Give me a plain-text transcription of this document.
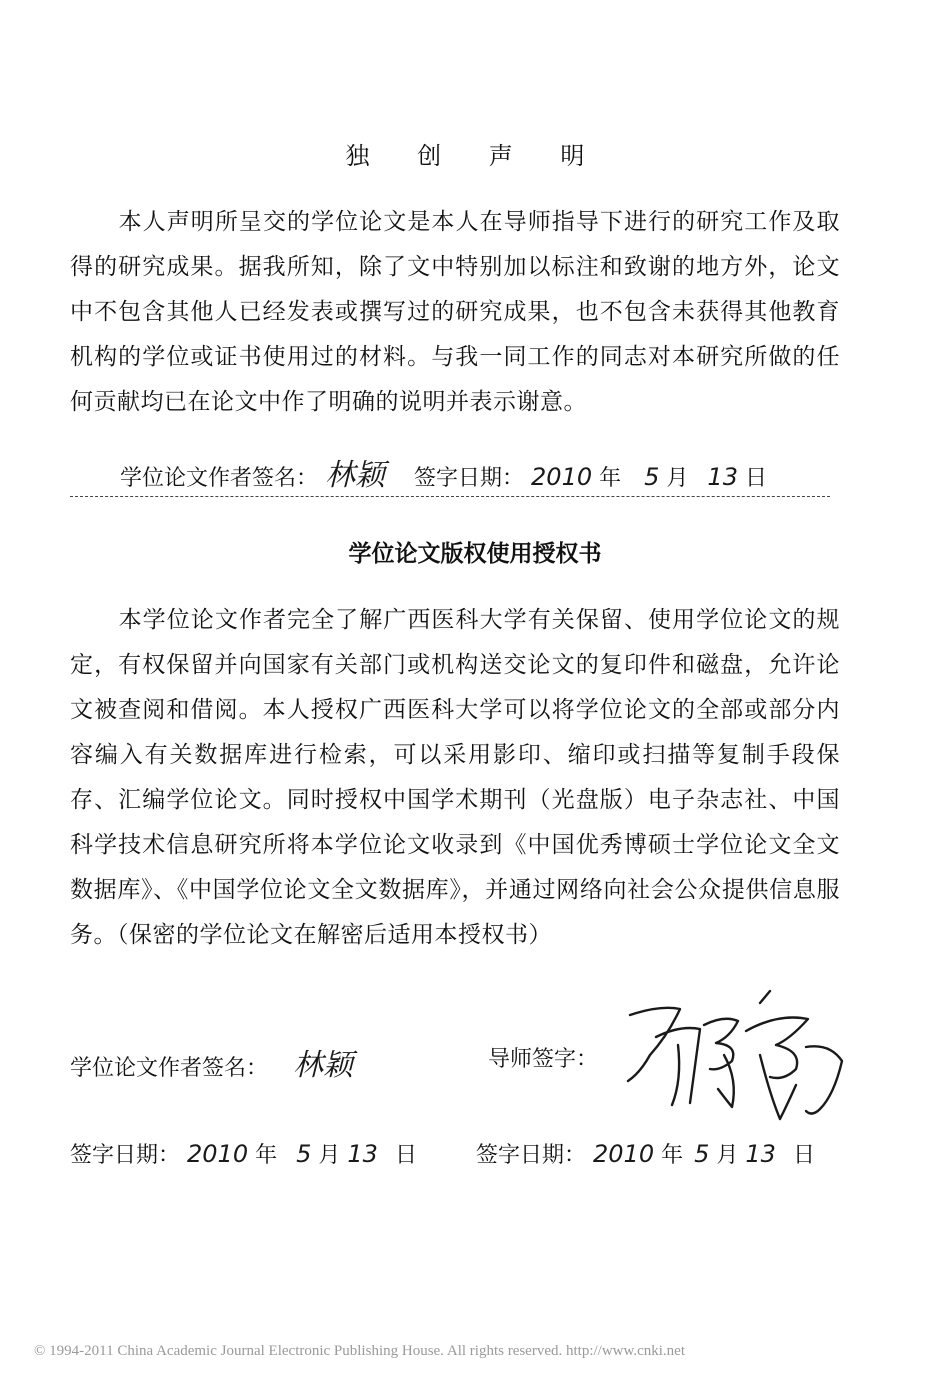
独 创 声 明

本人声明所呈交的学位论文是本人在导师指导下进行的研究工作及取得的研究成果。据我所知，除了文中特别加以标注和致谢的地方外，论文中不包含其他人已经发表或撰写过的研究成果，也不包含未获得其他教育机构的学位或证书使用过的材料。与我一同工作的同志对本研究所做的任何贡献均已在论文中作了明确的说明并表示谢意。

学位论文作者签名： 林颖 签字日期： 2010 年 5 月 13 日
学位论文版权使用授权书

本学位论文作者完全了解广西医科大学有关保留、使用学位论文的规定，有权保留并向国家有关部门或机构送交论文的复印件和磁盘，允许论文被查阅和借阅。本人授权广西医科大学可以将学位论文的全部或部分内容编入有关数据库进行检索，可以采用影印、缩印或扫描等复制手段保存、汇编学位论文。同时授权中国学术期刊（光盘版）电子杂志社、中国科学技术信息研究所将本学位论文收录到《中国优秀博硕士学位论文全文数据库》、《中国学位论文全文数据库》，并通过网络向社会公众提供信息服务。（保密的学位论文在解密后适用本授权书）

学位论文作者签名： 林颖	导师签字：
签字日期： 2010 年 5 月 13 日	签字日期： 2010 年 5 月 13 日
© 1994-2011 China Academic Journal Electronic Publishing House. All rights reserved. http://www.cnki.net
